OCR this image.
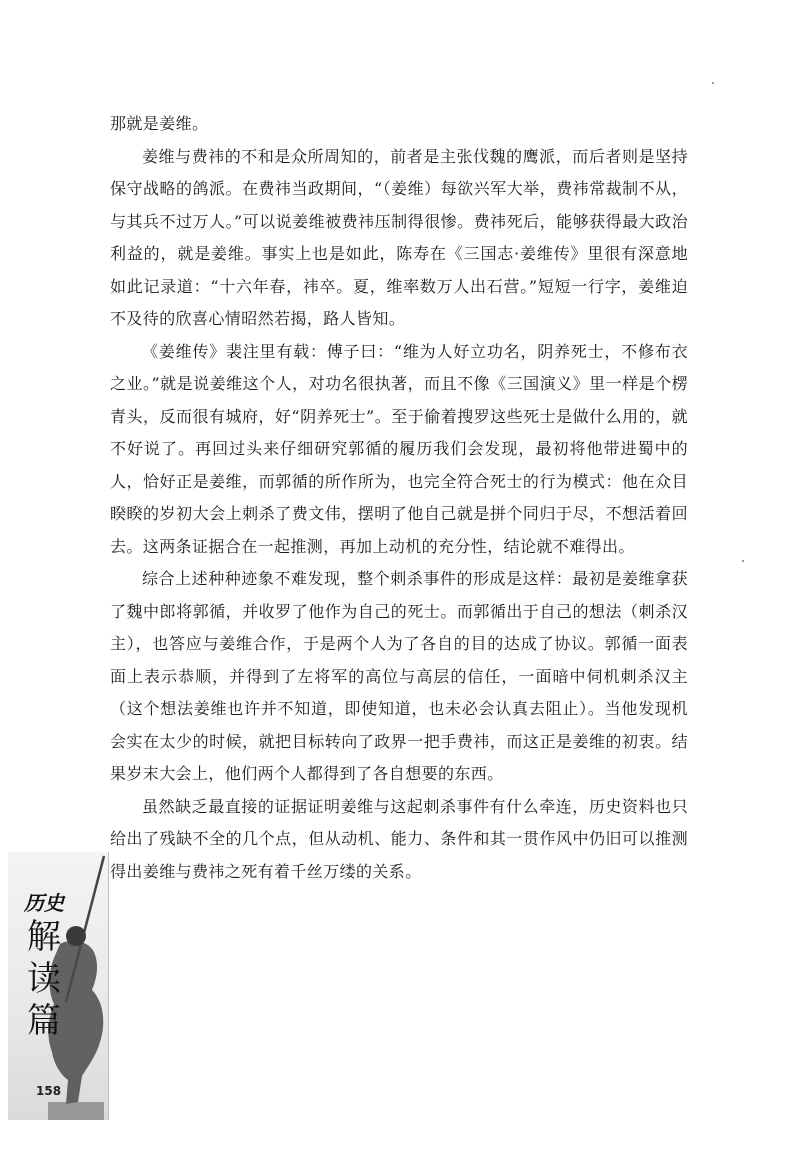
那就是姜维。

姜维与费祎的不和是众所周知的，前者是主张伐魏的鹰派，而后者则是坚持保守战略的鸽派。在费祎当政期间，“（姜维）每欲兴军大举，费祎常裁制不从，与其兵不过万人。”可以说姜维被费祎压制得很惨。费祎死后，能够获得最大政治利益的，就是姜维。事实上也是如此，陈寿在《三国志·姜维传》里很有深意地如此记录道：“十六年春，祎卒。夏，维率数万人出石营。”短短一行字，姜维迫不及待的欣喜心情昭然若揭，路人皆知。

《姜维传》裴注里有载：傅子曰：“维为人好立功名，阴养死士，不修布衣之业。”就是说姜维这个人，对功名很执著，而且不像《三国演义》里一样是个楞青头，反而很有城府，好“阴养死士”。至于偷着搜罗这些死士是做什么用的，就不好说了。再回过头来仔细研究郭循的履历我们会发现，最初将他带进蜀中的人，恰好正是姜维，而郭循的所作所为，也完全符合死士的行为模式：他在众目睽睽的岁初大会上刺杀了费文伟，摆明了他自己就是拼个同归于尽，不想活着回去。这两条证据合在一起推测，再加上动机的充分性，结论就不难得出。

综合上述种种迹象不难发现，整个刺杀事件的形成是这样：最初是姜维拿获了魏中郎将郭循，并收罗了他作为自己的死士。而郭循出于自己的想法（刺杀汉主），也答应与姜维合作，于是两个人为了各自的目的达成了协议。郭循一面表面上表示恭顺，并得到了左将军的高位与高层的信任，一面暗中伺机刺杀汉主（这个想法姜维也许并不知道，即使知道，也未必会认真去阻止）。当他发现机会实在太少的时候，就把目标转向了政界一把手费祎，而这正是姜维的初衷。结果岁末大会上，他们两个人都得到了各自想要的东西。

虽然缺乏最直接的证据证明姜维与这起刺杀事件有什么牵连，历史资料也只给出了残缺不全的几个点，但从动机、能力、条件和其一贯作风中仍旧可以推测得出姜维与费祎之死有着千丝万缕的关系。

历史
解
读
篇
158
